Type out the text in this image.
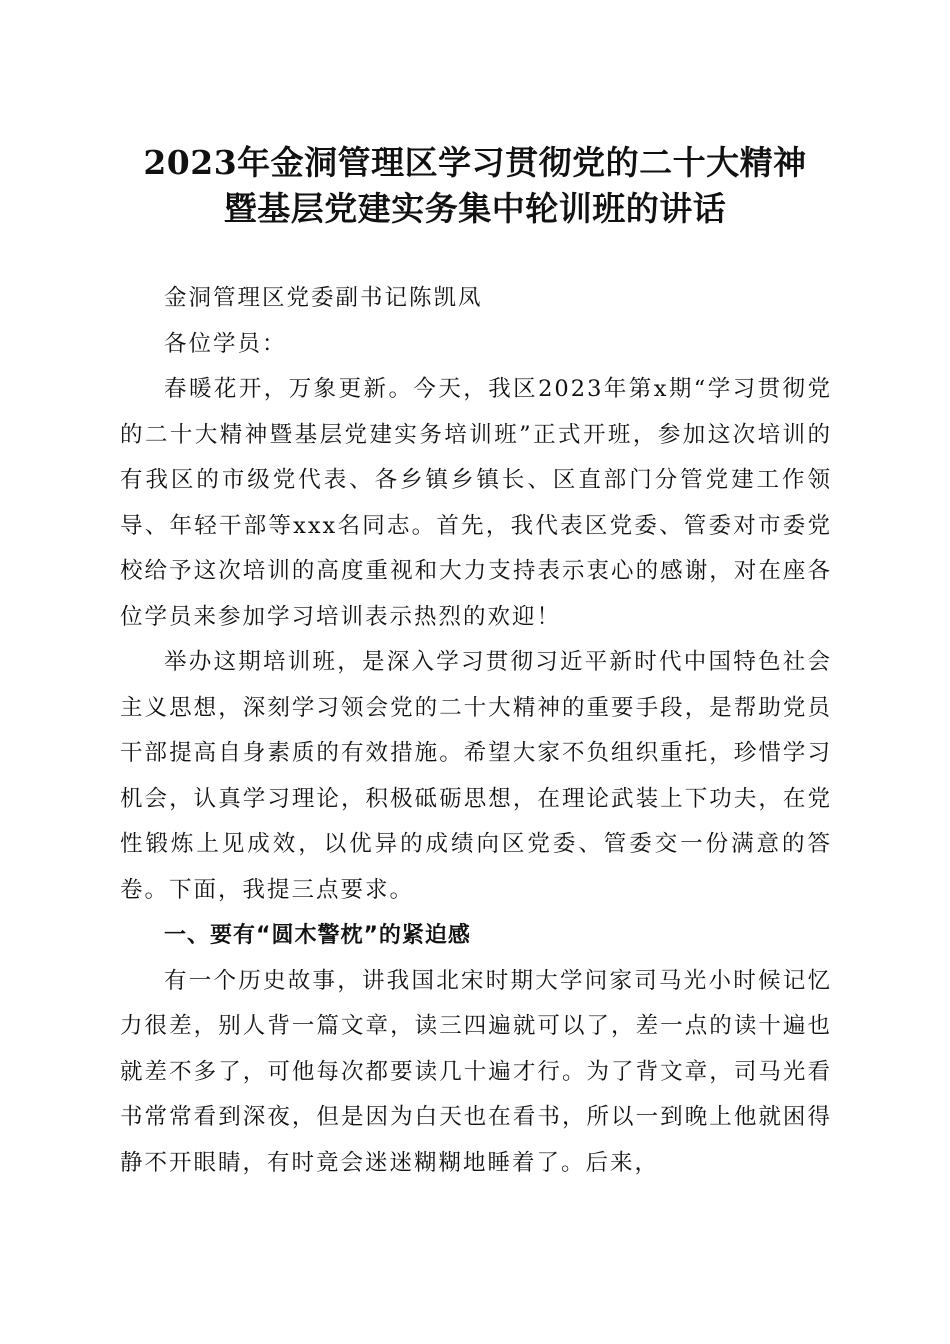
2023年金洞管理区学习贯彻党的二十大精神
暨基层党建实务集中轮训班的讲话

金洞管理区党委副书记陈凯凤

各位学员：

春暖花开，万象更新。今天，我区2023年第x期“学习贯彻党的二十大精神暨基层党建实务培训班”正式开班，参加这次培训的有我区的市级党代表、各乡镇乡镇长、区直部门分管党建工作领导、年轻干部等xxx名同志。首先，我代表区党委、管委对市委党校给予这次培训的高度重视和大力支持表示衷心的感谢，对在座各位学员来参加学习培训表示热烈的欢迎！

举办这期培训班，是深入学习贯彻习近平新时代中国特色社会主义思想，深刻学习领会党的二十大精神的重要手段，是帮助党员干部提高自身素质的有效措施。希望大家不负组织重托，珍惜学习机会，认真学习理论，积极砥砺思想，在理论武装上下功夫，在党性锻炼上见成效，以优异的成绩向区党委、管委交一份满意的答卷。下面，我提三点要求。

一、要有“圆木警枕”的紧迫感

有一个历史故事，讲我国北宋时期大学问家司马光小时候记忆力很差，别人背一篇文章，读三四遍就可以了，差一点的读十遍也就差不多了，可他每次都要读几十遍才行。为了背文章，司马光看书常常看到深夜，但是因为白天也在看书，所以一到晚上他就困得静不开眼睛，有时竟会迷迷糊糊地睡着了。后来，
